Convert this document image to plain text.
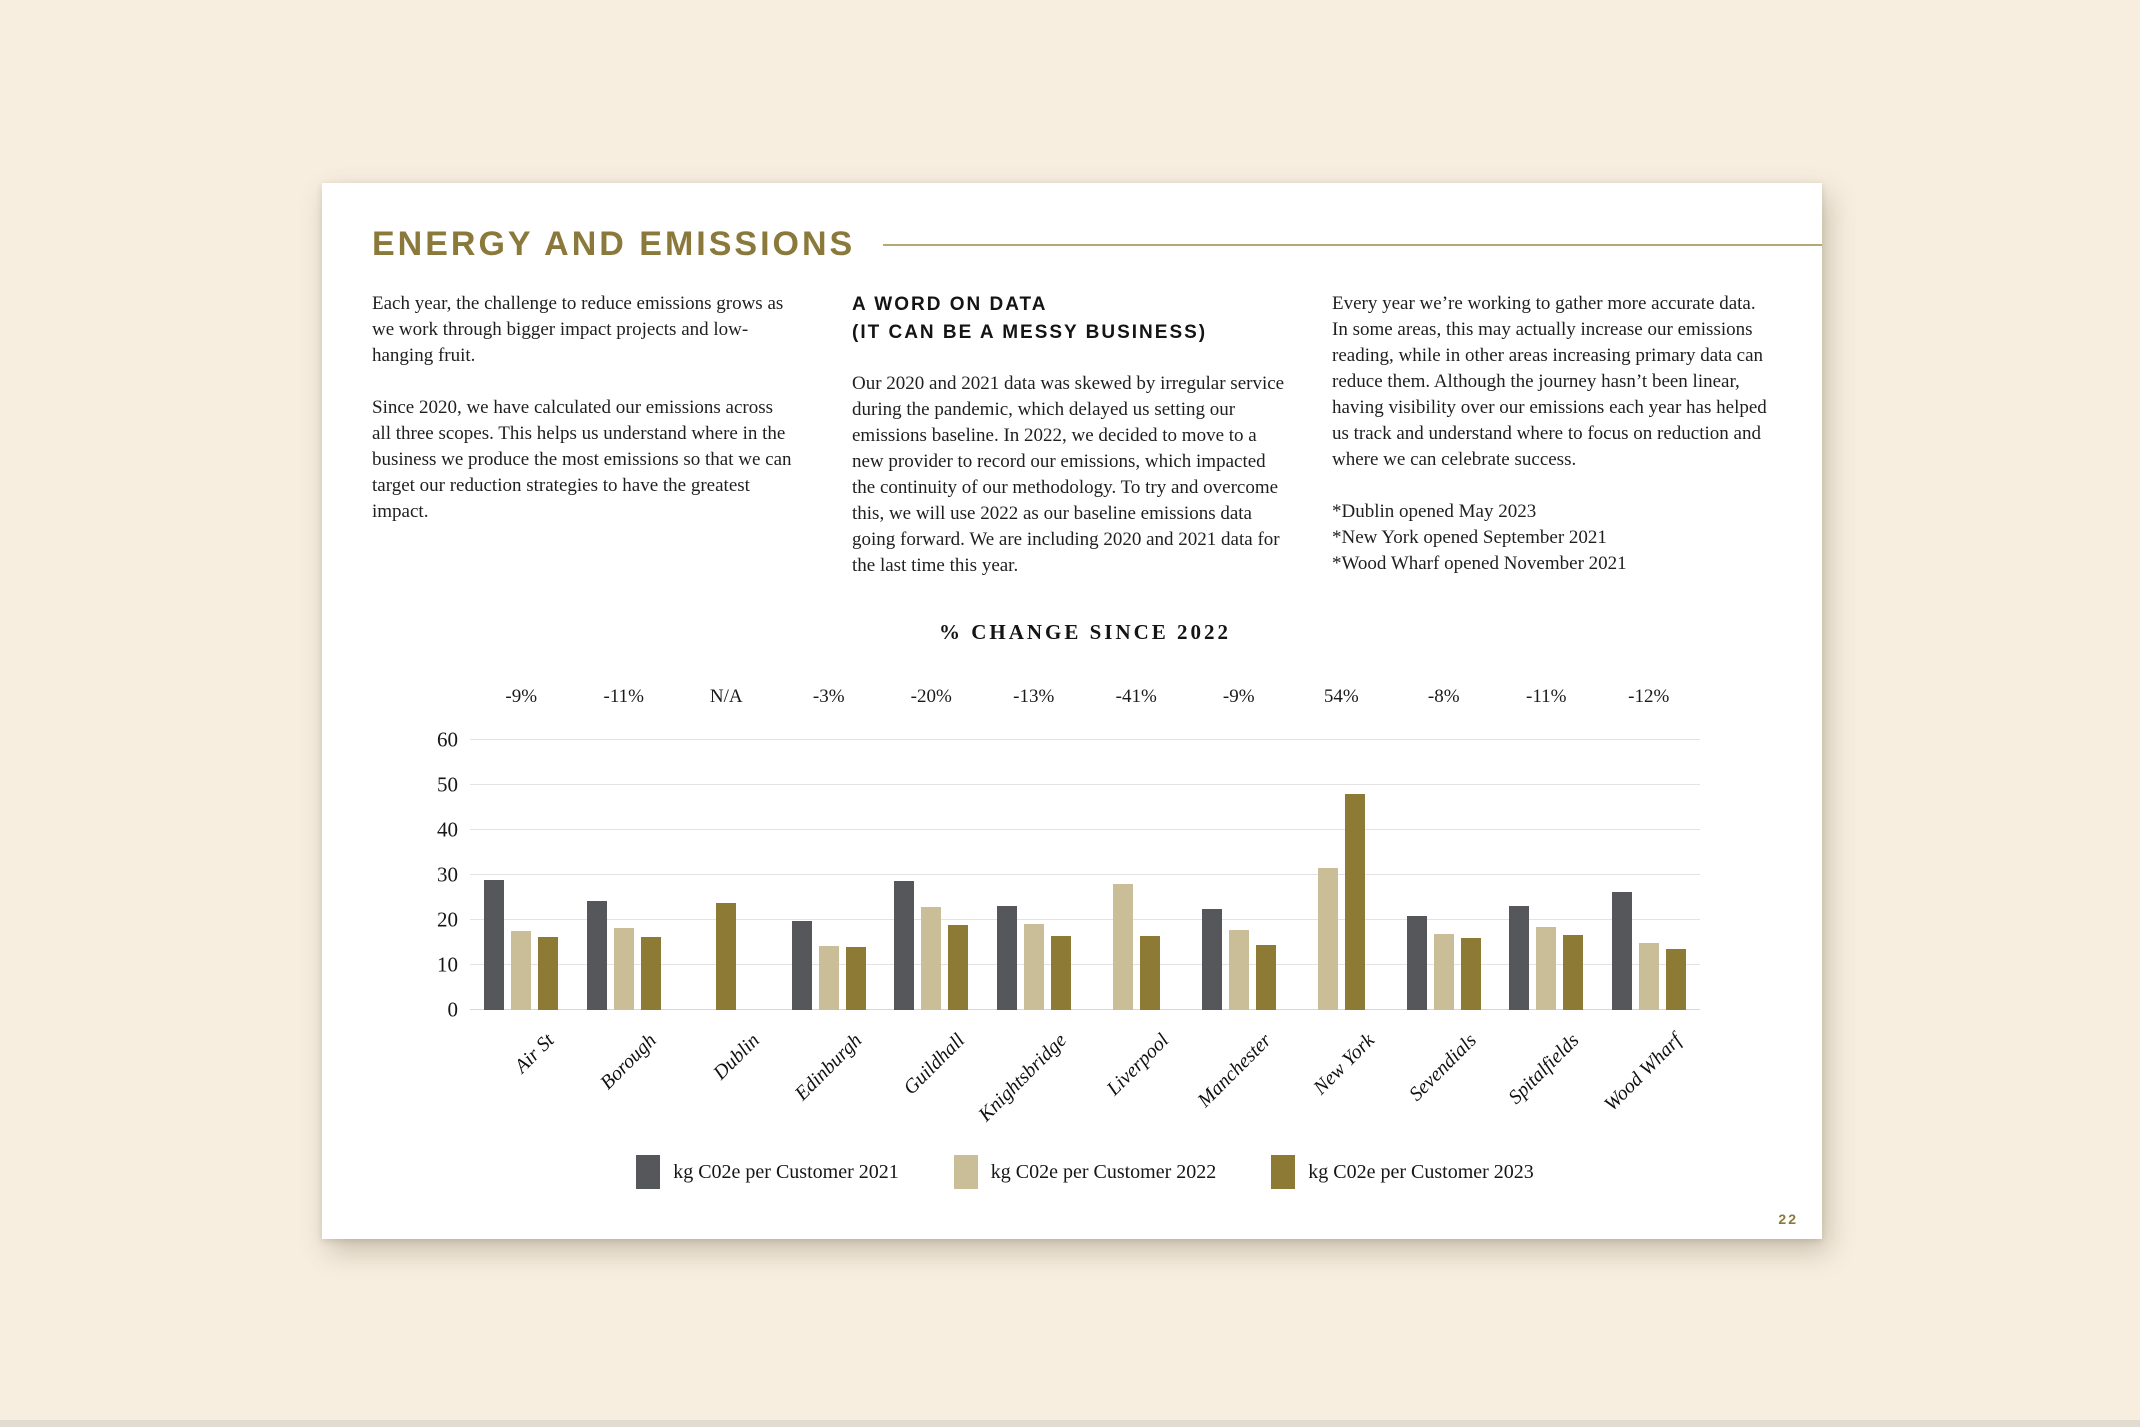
ENERGY AND EMISSIONS

Each year, the challenge to reduce emissions grows as we work through bigger impact projects and low-hanging fruit.

Since 2020, we have calculated our emissions across all three scopes. This helps us understand where in the business we produce the most emissions so that we can target our reduction strategies to have the greatest impact.

A WORD ON DATA
(IT CAN BE A MESSY BUSINESS)

Our 2020 and 2021 data was skewed by irregular service during the pandemic, which delayed us setting our emissions baseline. In 2022, we decided to move to a new provider to record our emissions, which impacted the continuity of our methodology. To try and overcome this, we will use 2022 as our baseline emissions data going forward. We are including 2020 and 2021 data for the last time this year.

Every year we’re working to gather more accurate data. In some areas, this may actually increase our emissions reading, while in other areas increasing primary data can reduce them. Although the journey hasn’t been linear, having visibility over our emissions each year has helped us track and understand where to focus on reduction and where we can celebrate success.

*Dublin opened May 2023
*New York opened September 2021
*Wood Wharf opened November 2021
% CHANGE SINCE 2022
-9%	-11%	N/A	-3%	-20%	-13%	-41%	-9%	54%	-8%	-11%	-12%
0
10
20
30
40
50
60
Air St Borough Dublin Edinburgh Guildhall Knightsbridge Liverpool Manchester New York Sevendials Spitalfields Wood Wharf
kg C02e per Customer 2021	kg C02e per Customer 2022	kg C02e per Customer 2023
22
